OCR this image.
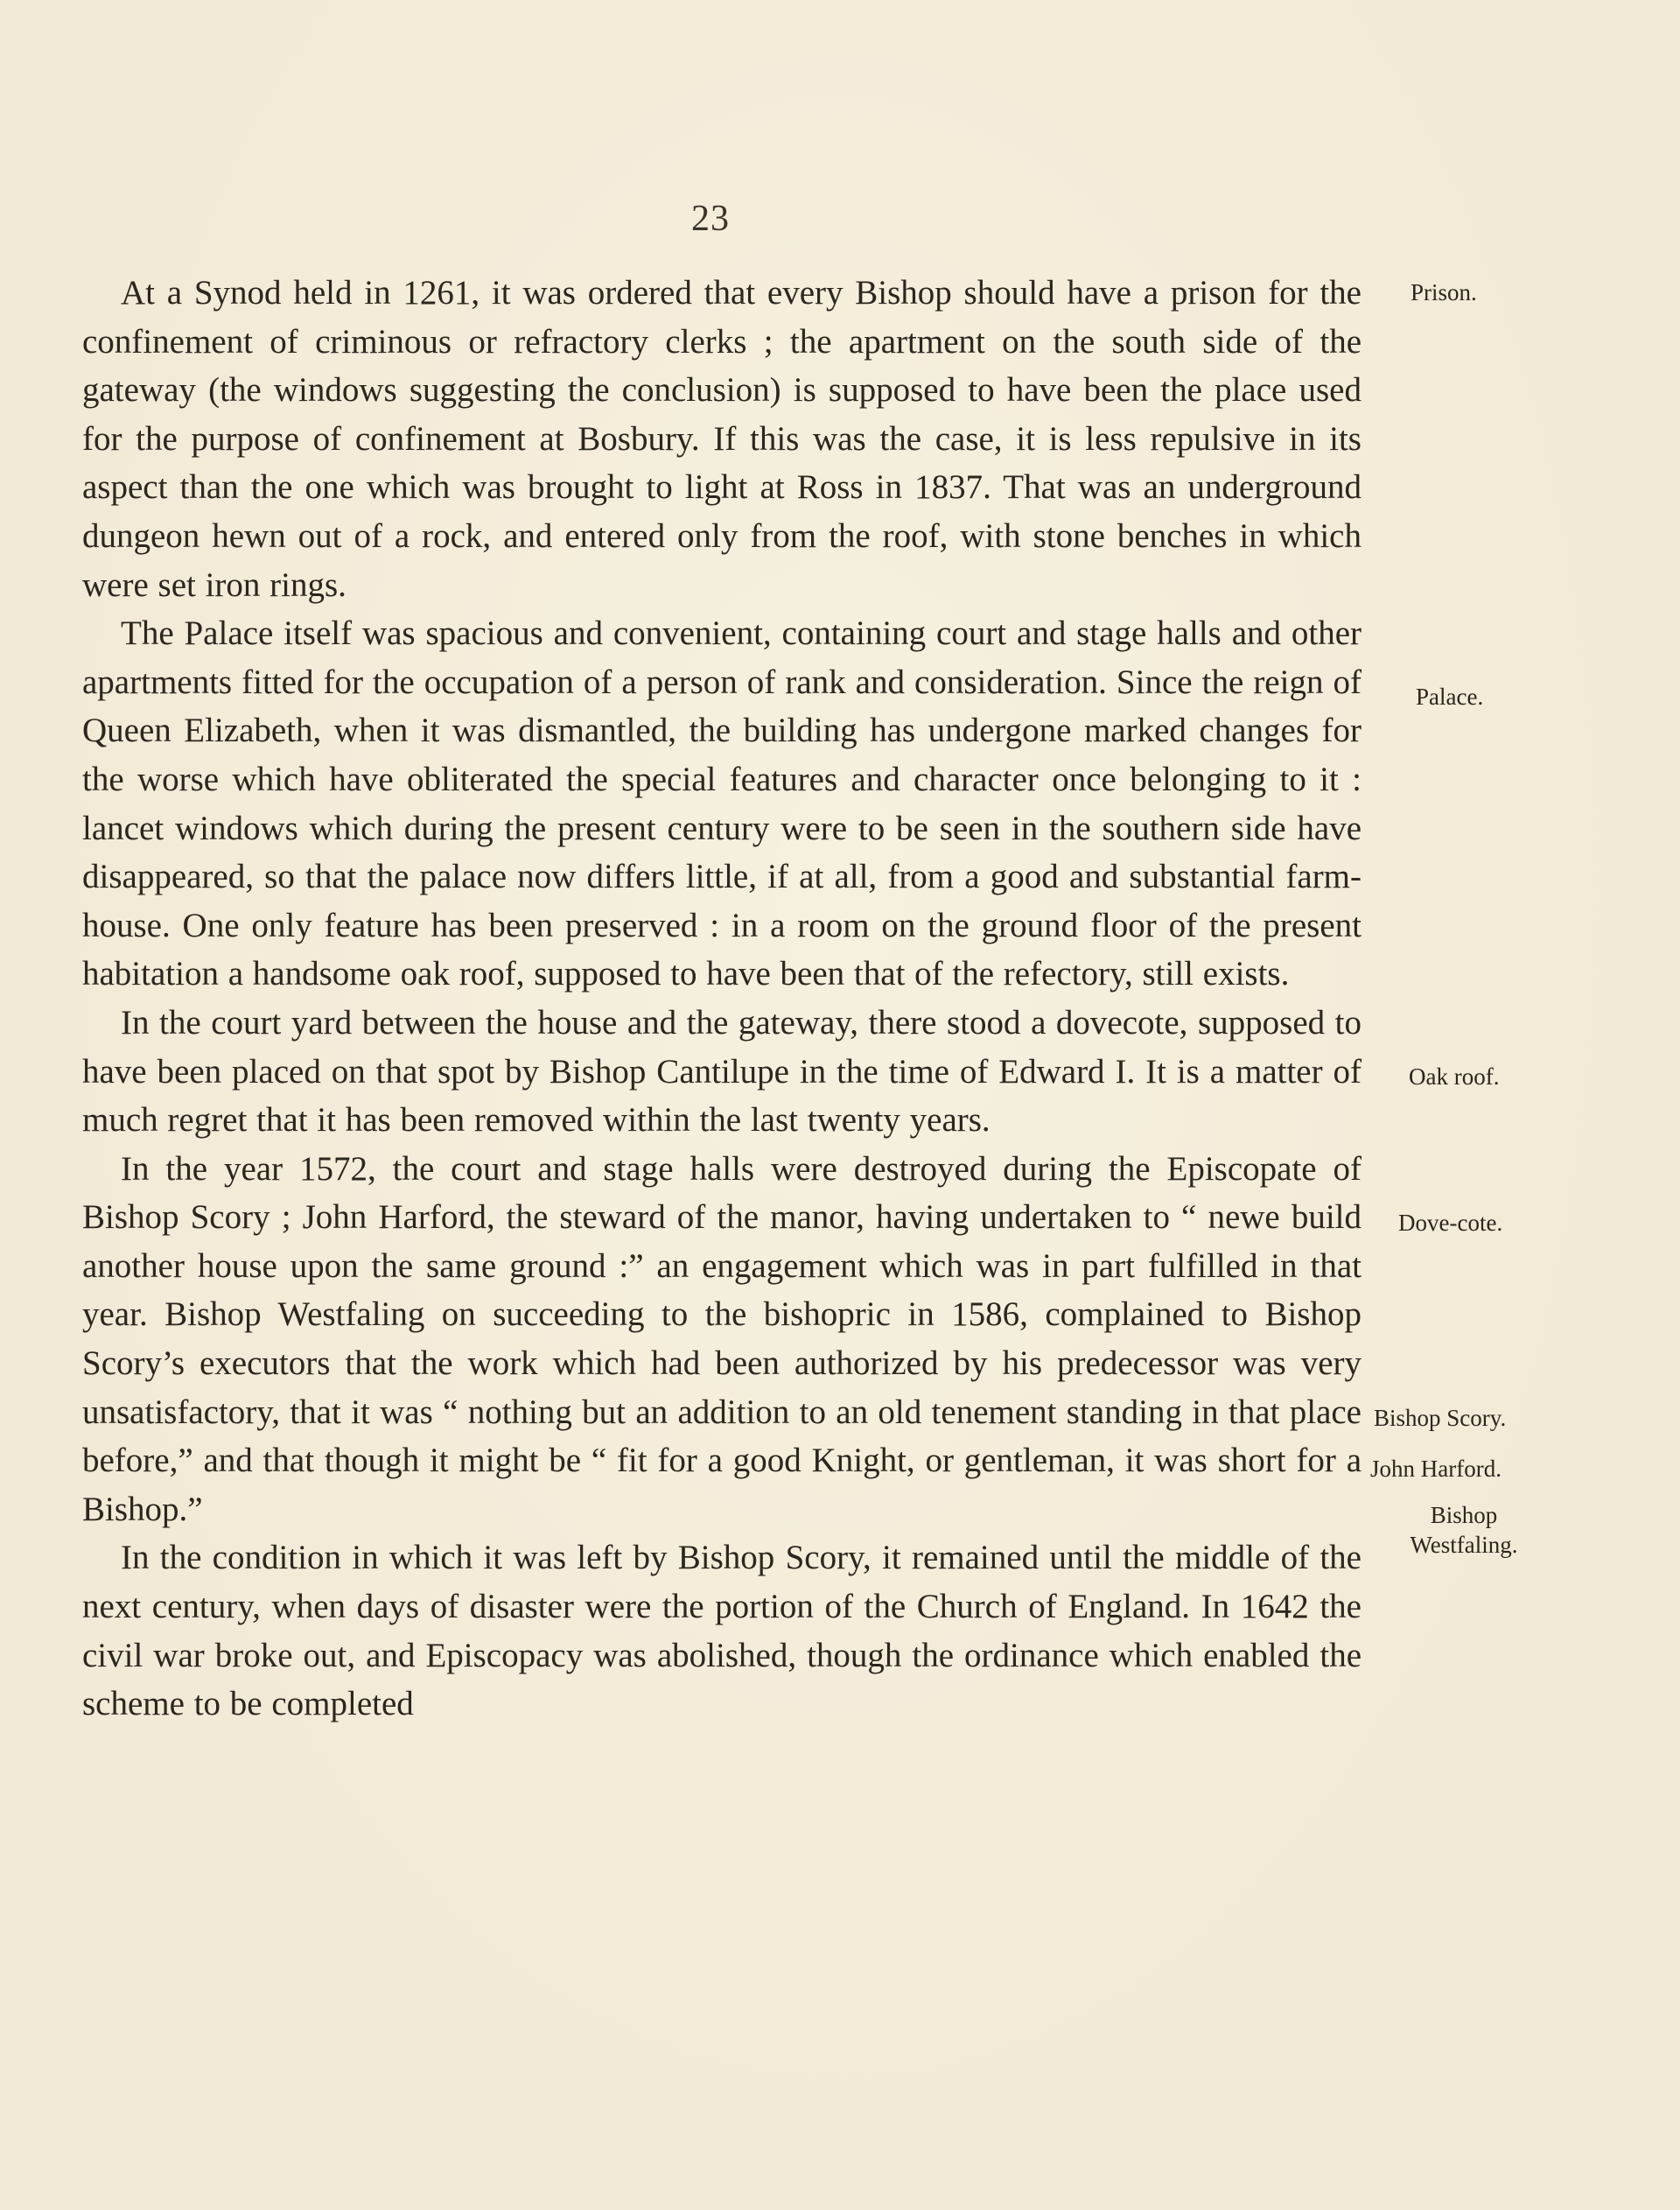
23

At a Synod held in 1261, it was ordered that every Bishop should have a prison for the confinement of criminous or refractory clerks ; the apartment on the south side of the gateway (the windows suggesting the conclusion) is supposed to have been the place used for the purpose of confinement at Bosbury. If this was the case, it is less repulsive in its aspect than the one which was brought to light at Ross in 1837. That was an underground dungeon hewn out of a rock, and entered only from the roof, with stone benches in which were set iron rings.

The Palace itself was spacious and convenient, containing court and stage halls and other apartments fitted for the occupation of a person of rank and consideration. Since the reign of Queen Elizabeth, when it was dismantled, the building has undergone marked changes for the worse which have obliterated the special features and character once belonging to it : lancet windows which during the present century were to be seen in the southern side have disappeared, so that the palace now differs little, if at all, from a good and substantial farm-house. One only feature has been preserved : in a room on the ground floor of the present habitation a handsome oak roof, supposed to have been that of the refectory, still exists.

In the court yard between the house and the gateway, there stood a dovecote, supposed to have been placed on that spot by Bishop Cantilupe in the time of Edward I. It is a matter of much regret that it has been removed within the last twenty years.

In the year 1572, the court and stage halls were destroyed during the Episcopate of Bishop Scory ; John Harford, the steward of the manor, having undertaken to “ newe build another house upon the same ground :” an engagement which was in part fulfilled in that year. Bishop Westfaling on succeeding to the bishopric in 1586, complained to Bishop Scory’s executors that the work which had been authorized by his predecessor was very unsatisfactory, that it was “ nothing but an addition to an old tenement standing in that place before,” and that though it might be “ fit for a good Knight, or gentleman, it was short for a Bishop.”

In the condition in which it was left by Bishop Scory, it remained until the middle of the next century, when days of disaster were the portion of the Church of England. In 1642 the civil war broke out, and Episcopacy was abolished, though the ordinance which enabled the scheme to be completed

Prison.
Palace.
Oak roof.
Dove-cote.
Bishop Scory.
John Harford.
Bishop
Westfaling.
